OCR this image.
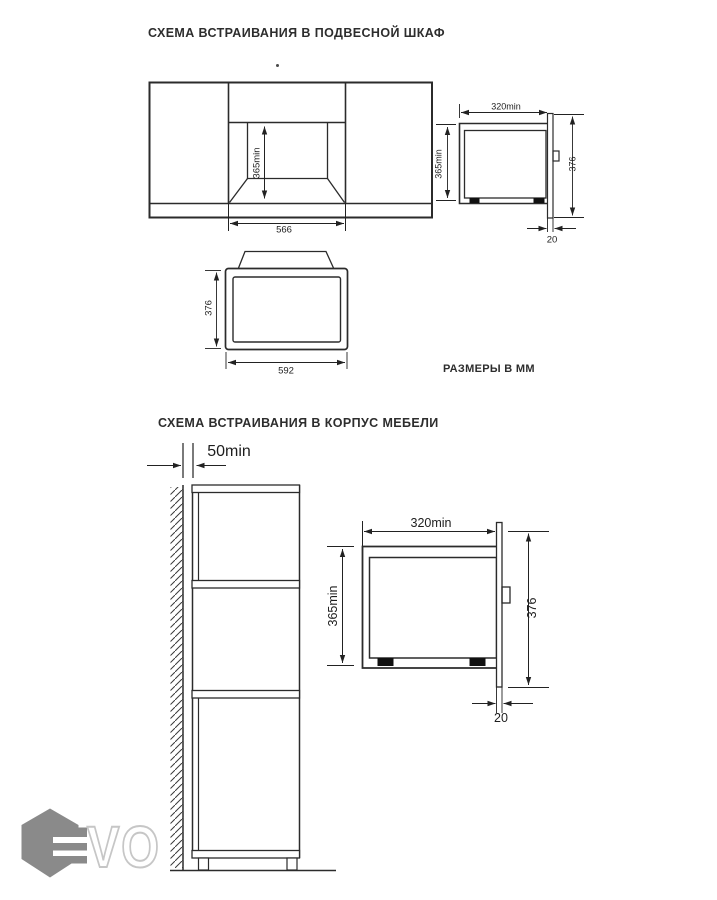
VO
СХЕМА ВСТРАИВАНИЯ В ПОДВЕСНОЙ ШКАФ
365min
566
320min
365min	376
20
376
592	РАЗМЕРЫ В ММ
СХЕМА ВСТРАИВАНИЯ В КОРПУС МЕБЕЛИ
50min
320min
365min	376
20
